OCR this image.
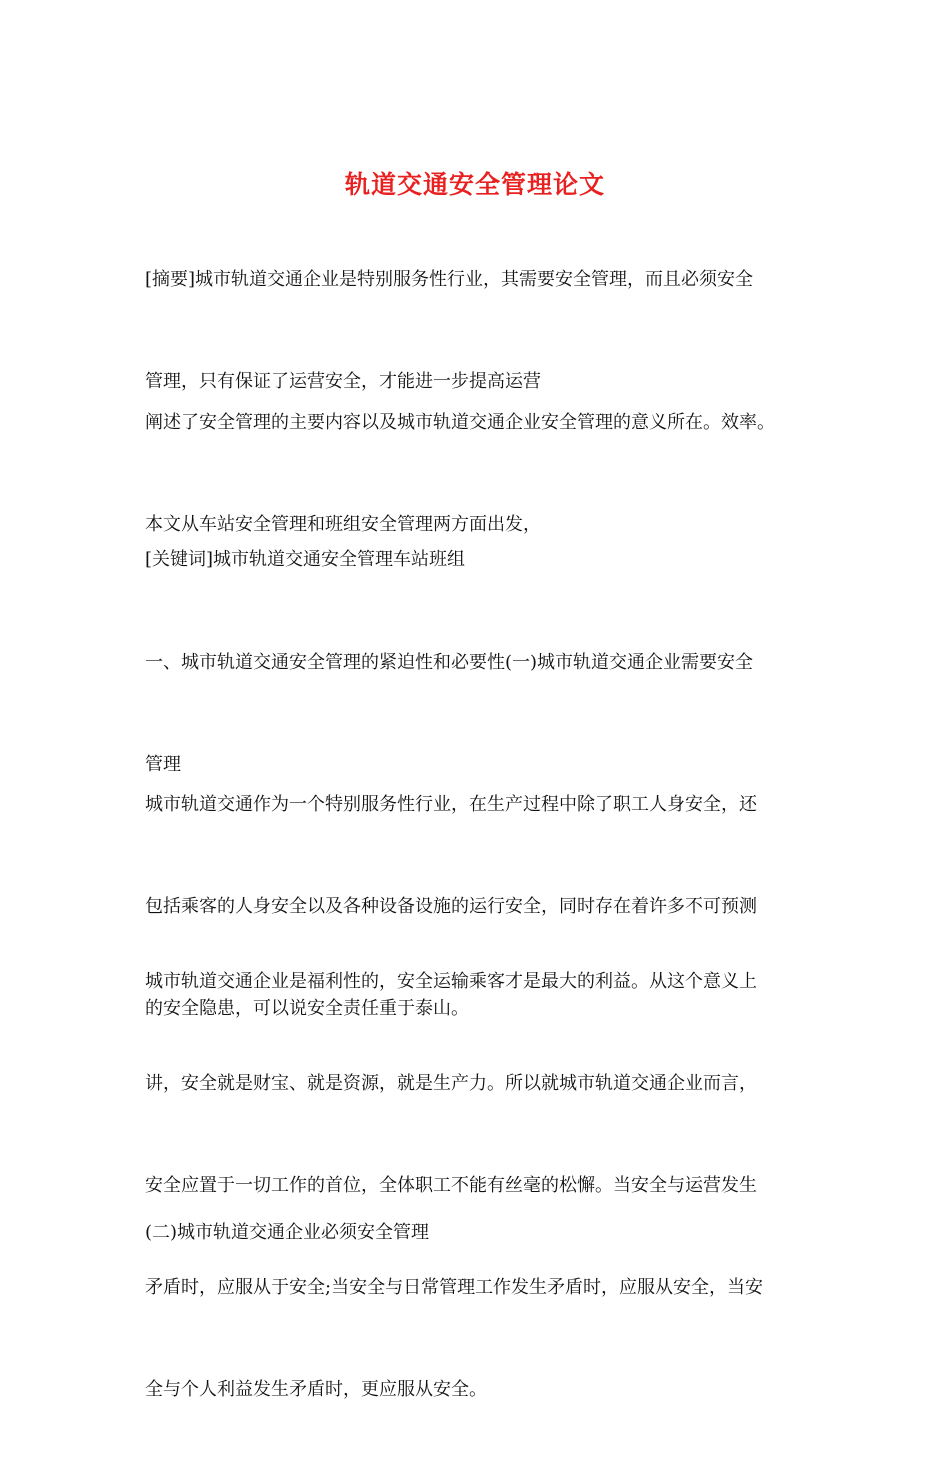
轨道交通安全管理论文

[摘要]城市轨道交通企业是特别服务性行业，其需要安全管理，而且必须安全

管理，只有保证了运营安全，才能进一步提高运营

阐述了安全管理的主要内容以及城市轨道交通企业安全管理的意义所在。效率。

本文从车站安全管理和班组安全管理两方面出发，

[关键词]城市轨道交通安全管理车站班组

一、城市轨道交通安全管理的紧迫性和必要性(一)城市轨道交通企业需要安全

管理

城市轨道交通作为一个特别服务性行业，在生产过程中除了职工人身安全，还

包括乘客的人身安全以及各种设备设施的运行安全，同时存在着许多不可预测

的安全隐患，可以说安全责任重于泰山。

城市轨道交通企业是福利性的，安全运输乘客才是最大的利益。从这个意义上

讲，安全就是财宝、就是资源，就是生产力。所以就城市轨道交通企业而言，

安全应置于一切工作的首位，全体职工不能有丝毫的松懈。当安全与运营发生

矛盾时，应服从于安全;当安全与日常管理工作发生矛盾时，应服从安全，当安

全与个人利益发生矛盾时，更应服从安全。

(二)城市轨道交通企业必须安全管理
